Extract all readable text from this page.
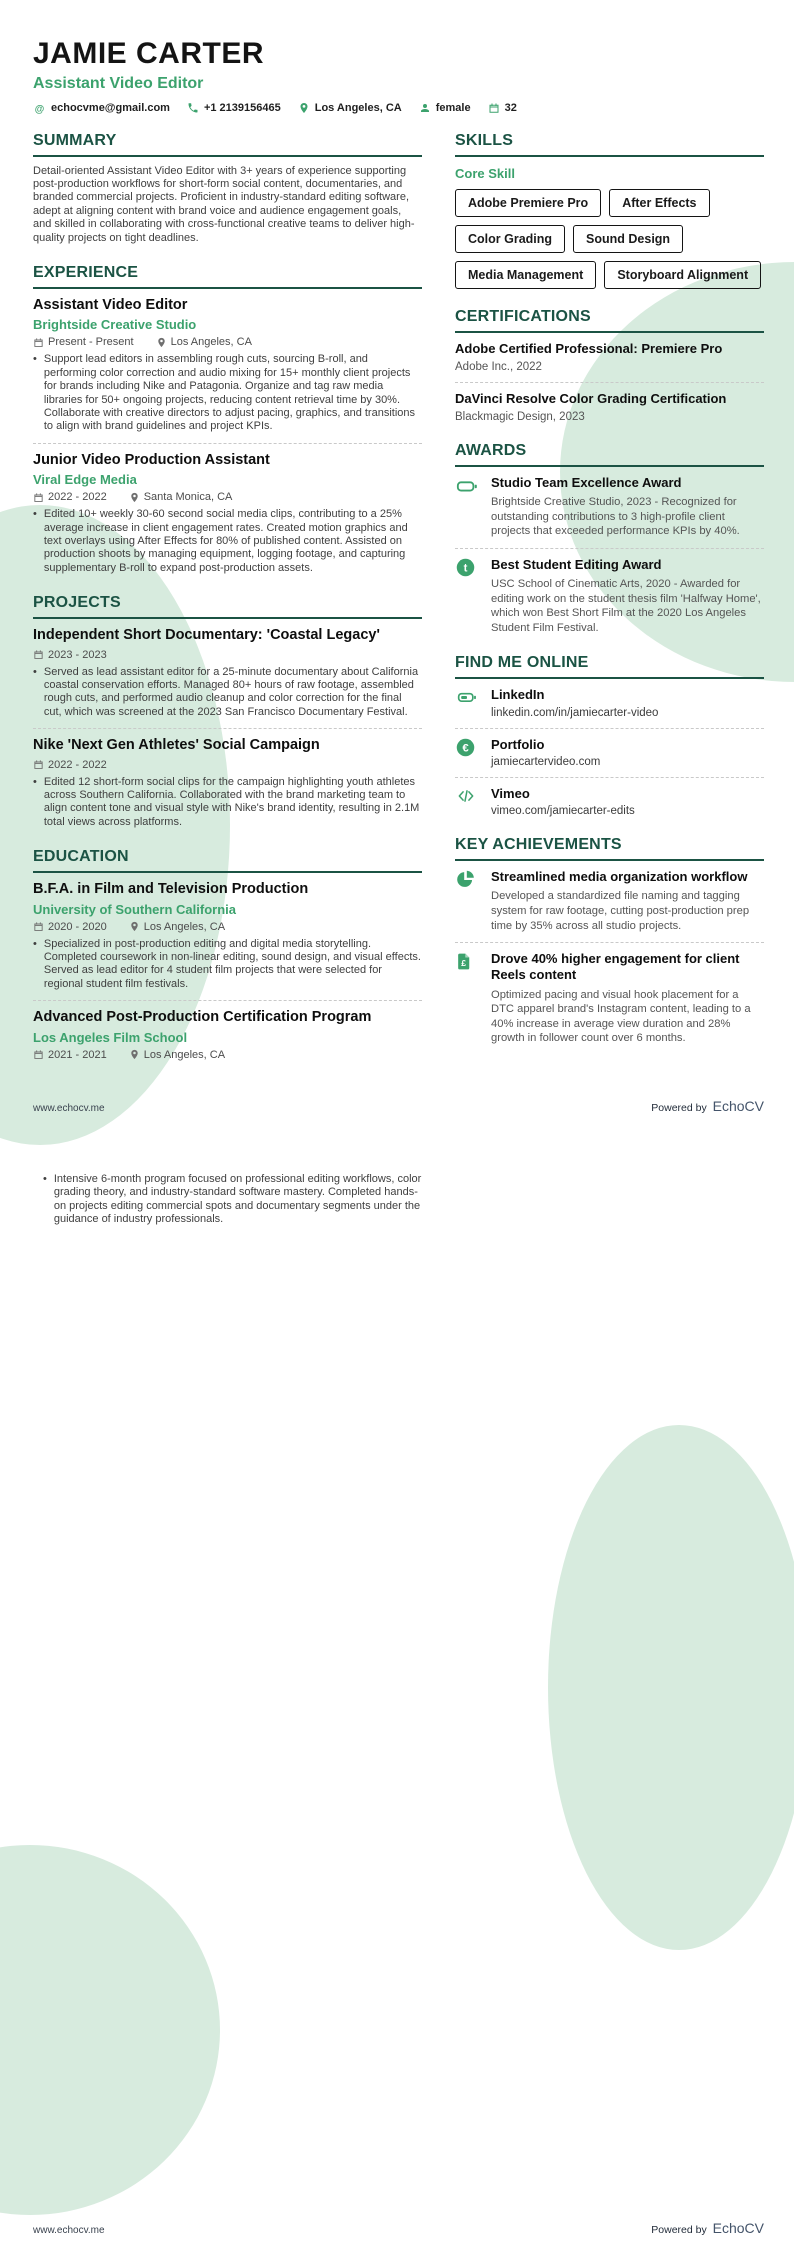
JAMIE CARTER
Assistant Video Editor
@ echocvme@gmail.com	+1 2139156465	Los Angeles, CA	female	32
SUMMARY
Detail-oriented Assistant Video Editor with 3+ years of experience supporting post-production workflows for short-form social content, documentaries, and branded commercial projects. Proficient in industry-standard editing software, adept at aligning content with brand voice and audience engagement goals, and skilled in collaborating with cross-functional creative teams to deliver high-quality projects on tight deadlines.
EXPERIENCE
Assistant Video Editor
Brightside Creative Studio
Present - Present	Los Angeles, CA
• Support lead editors in assembling rough cuts, sourcing B-roll, and performing color correction and audio mixing for 15+ monthly client projects for brands including Nike and Patagonia. Organize and tag raw media libraries for 50+ ongoing projects, reducing content retrieval time by 30%. Collaborate with creative directors to adjust pacing, graphics, and transitions to align with brand guidelines and project KPIs.
Junior Video Production Assistant
Viral Edge Media
2022 - 2022	Santa Monica, CA
• Edited 10+ weekly 30-60 second social media clips, contributing to a 25% average increase in client engagement rates. Created motion graphics and text overlays using After Effects for 80% of published content. Assisted on production shoots by managing equipment, logging footage, and capturing supplementary B-roll to expand post-production assets.
PROJECTS
Independent Short Documentary: 'Coastal Legacy'
2023 - 2023
• Served as lead assistant editor for a 25-minute documentary about California coastal conservation efforts. Managed 80+ hours of raw footage, assembled rough cuts, and performed audio cleanup and color correction for the final cut, which was screened at the 2023 San Francisco Documentary Festival.
Nike 'Next Gen Athletes' Social Campaign
2022 - 2022
• Edited 12 short-form social clips for the campaign highlighting youth athletes across Southern California. Collaborated with the brand marketing team to align content tone and visual style with Nike's brand identity, resulting in 2.1M total views across platforms.
EDUCATION
B.F.A. in Film and Television Production
University of Southern California
2020 - 2020	Los Angeles, CA
• Specialized in post-production editing and digital media storytelling. Completed coursework in non-linear editing, sound design, and visual effects. Served as lead editor for 4 student film projects that were selected for regional student film festivals.
Advanced Post-Production Certification Program
Los Angeles Film School
2021 - 2021	Los Angeles, CA
SKILLS
Core Skill
Adobe Premiere Pro	After Effects
Color Grading	Sound Design
Media Management	Storyboard Alignment
CERTIFICATIONS
Adobe Certified Professional: Premiere Pro
Adobe Inc., 2022
DaVinci Resolve Color Grading Certification
Blackmagic Design, 2023
AWARDS
Studio Team Excellence Award
Brightside Creative Studio, 2023 - Recognized for outstanding contributions to 3 high-profile client projects that exceeded performance KPIs by 40%.
t Best Student Editing Award
USC School of Cinematic Arts, 2020 - Awarded for editing work on the student thesis film 'Halfway Home', which won Best Short Film at the 2020 Los Angeles Student Film Festival.
FIND ME ONLINE
LinkedIn
linkedin.com/in/jamiecarter-video
€ Portfolio
jamiecartervideo.com
Vimeo
vimeo.com/jamiecarter-edits
KEY ACHIEVEMENTS
Streamlined media organization workflow
Developed a standardized file naming and tagging system for raw footage, cutting post-production prep time by 35% across all studio projects.
£ Drove 40% higher engagement for client Reels content
Optimized pacing and visual hook placement for a DTC apparel brand's Instagram content, leading to a 40% increase in average view duration and 28% growth in follower count over 6 months.
www.echocv.me	Powered by EchoCV
• Intensive 6-month program focused on professional editing workflows, color grading theory, and industry-standard software mastery. Completed hands-on projects editing commercial spots and documentary segments under the guidance of industry professionals.
www.echocv.me	Powered by EchoCV
